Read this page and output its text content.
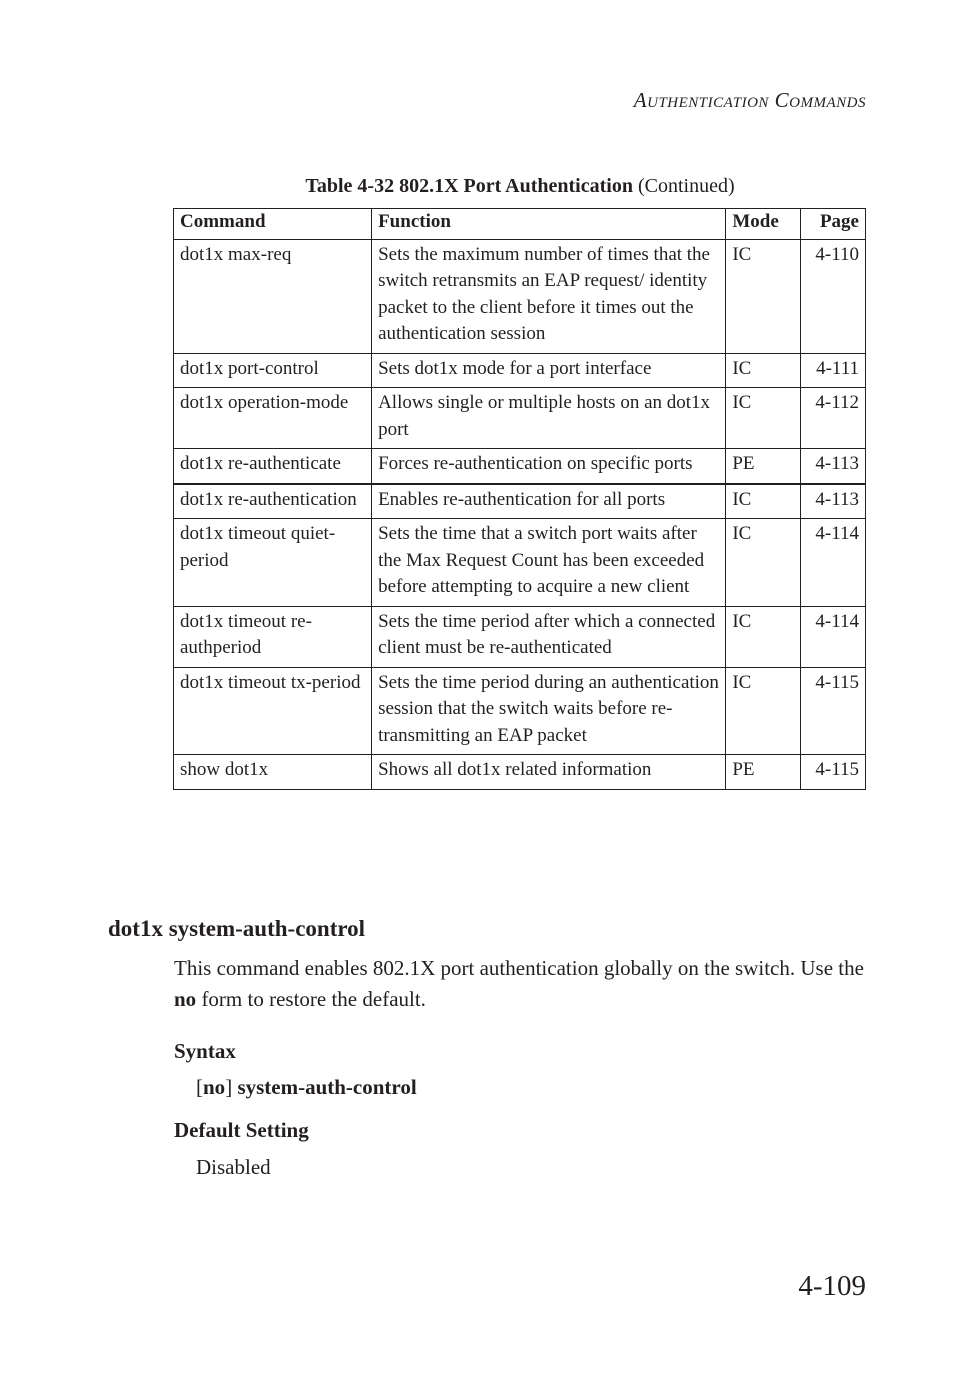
Authentication Commands
Table 4-32 802.1X Port Authentication (Continued)
Command	Function	Mode	Page
dot1x max-req	Sets the maximum number of times that the switch retransmits an EAP request/ identity packet to the client before it times out the authentication session	IC	4-110
dot1x port-control	Sets dot1x mode for a port interface	IC	4-111
dot1x operation-mode	Allows single or multiple hosts on an dot1x port	IC	4-112
dot1x re-authenticate	Forces re-authentication on specific ports	PE	4-113
dot1x re-authentication	Enables re-authentication for all ports	IC	4-113
dot1x timeout quiet-period	Sets the time that a switch port waits after the Max Request Count has been exceeded before attempting to acquire a new client	IC	4-114
dot1x timeout re-authperiod	Sets the time period after which a connected client must be re-authenticated	IC	4-114
dot1x timeout tx-period	Sets the time period during an authentication session that the switch waits before re-transmitting an EAP packet	IC	4-115
show dot1x	Shows all dot1x related information	PE	4-115
dot1x system-auth-control
This command enables 802.1X port authentication globally on the switch. Use the no form to restore the default.
Syntax
[no] system-auth-control
Default Setting
Disabled
4-109
